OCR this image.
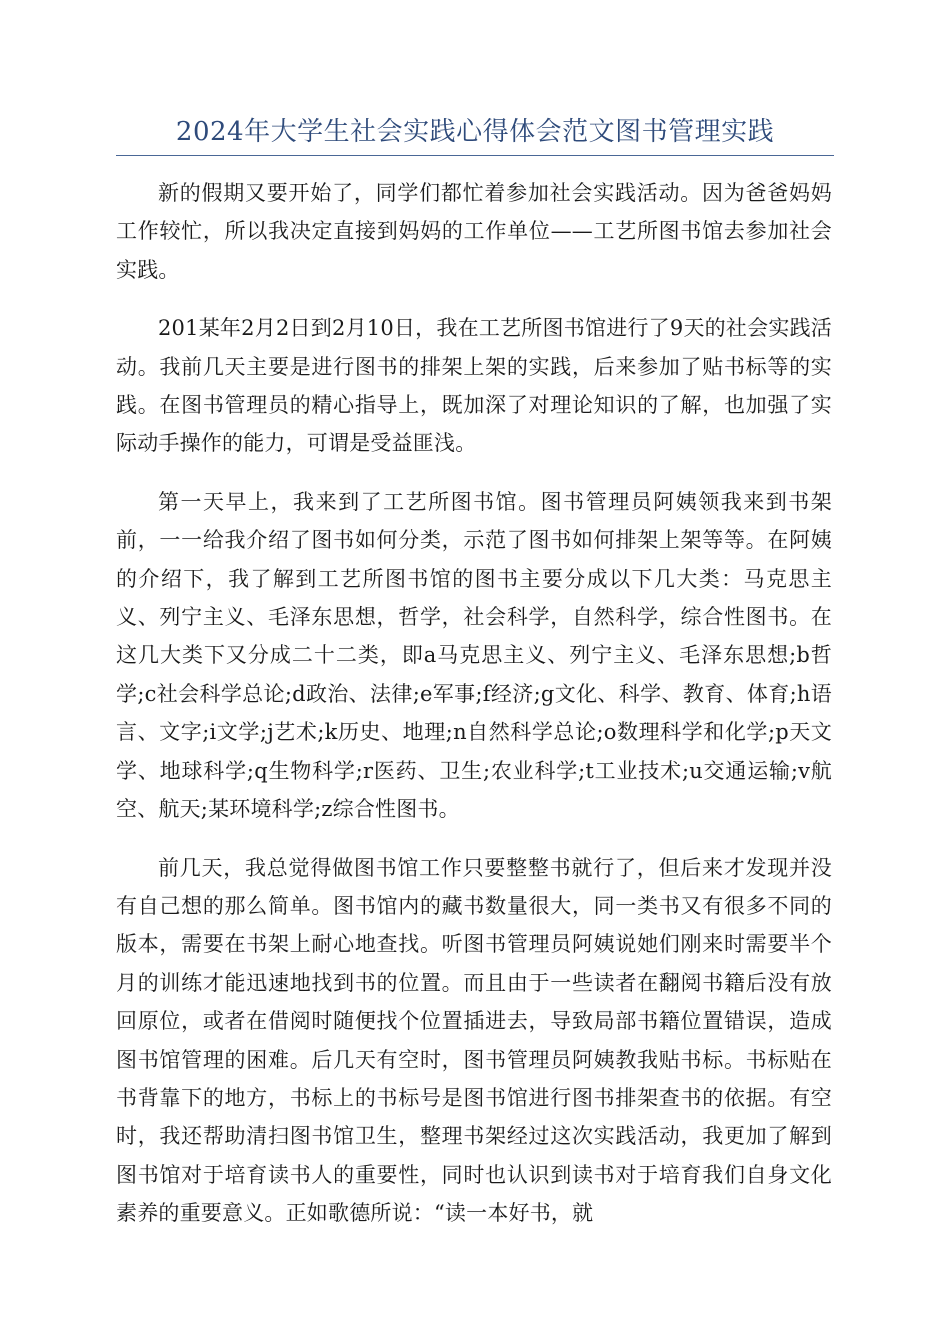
2024年大学生社会实践心得体会范文图书管理实践

新的假期又要开始了，同学们都忙着参加社会实践活动。因为爸爸妈妈工作较忙，所以我决定直接到妈妈的工作单位——工艺所图书馆去参加社会实践。

201某年2月2日到2月10日，我在工艺所图书馆进行了9天的社会实践活动。我前几天主要是进行图书的排架上架的实践，后来参加了贴书标等的实践。在图书管理员的精心指导上，既加深了对理论知识的了解，也加强了实际动手操作的能力，可谓是受益匪浅。

第一天早上，我来到了工艺所图书馆。图书管理员阿姨领我来到书架前，一一给我介绍了图书如何分类，示范了图书如何排架上架等等。在阿姨的介绍下，我了解到工艺所图书馆的图书主要分成以下几大类：马克思主义、列宁主义、毛泽东思想，哲学，社会科学，自然科学，综合性图书。在这几大类下又分成二十二类，即a马克思主义、列宁主义、毛泽东思想;b哲学;c社会科学总论;d政治、法律;e军事;f经济;g文化、科学、教育、体育;h语言、文字;i文学;j艺术;k历史、地理;n自然科学总论;o数理科学和化学;p天文学、地球科学;q生物科学;r医药、卫生;农业科学;t工业技术;u交通运输;v航空、航天;某环境科学;z综合性图书。

前几天，我总觉得做图书馆工作只要整整书就行了，但后来才发现并没有自己想的那么简单。图书馆内的藏书数量很大，同一类书又有很多不同的版本，需要在书架上耐心地查找。听图书管理员阿姨说她们刚来时需要半个月的训练才能迅速地找到书的位置。而且由于一些读者在翻阅书籍后没有放回原位，或者在借阅时随便找个位置插进去，导致局部书籍位置错误，造成图书馆管理的困难。后几天有空时，图书管理员阿姨教我贴书标。书标贴在书背靠下的地方，书标上的书标号是图书馆进行图书排架查书的依据。有空时，我还帮助清扫图书馆卫生，整理书架经过这次实践活动，我更加了解到图书馆对于培育读书人的重要性，同时也认识到读书对于培育我们自身文化素养的重要意义。正如歌德所说：“读一本好书，就
